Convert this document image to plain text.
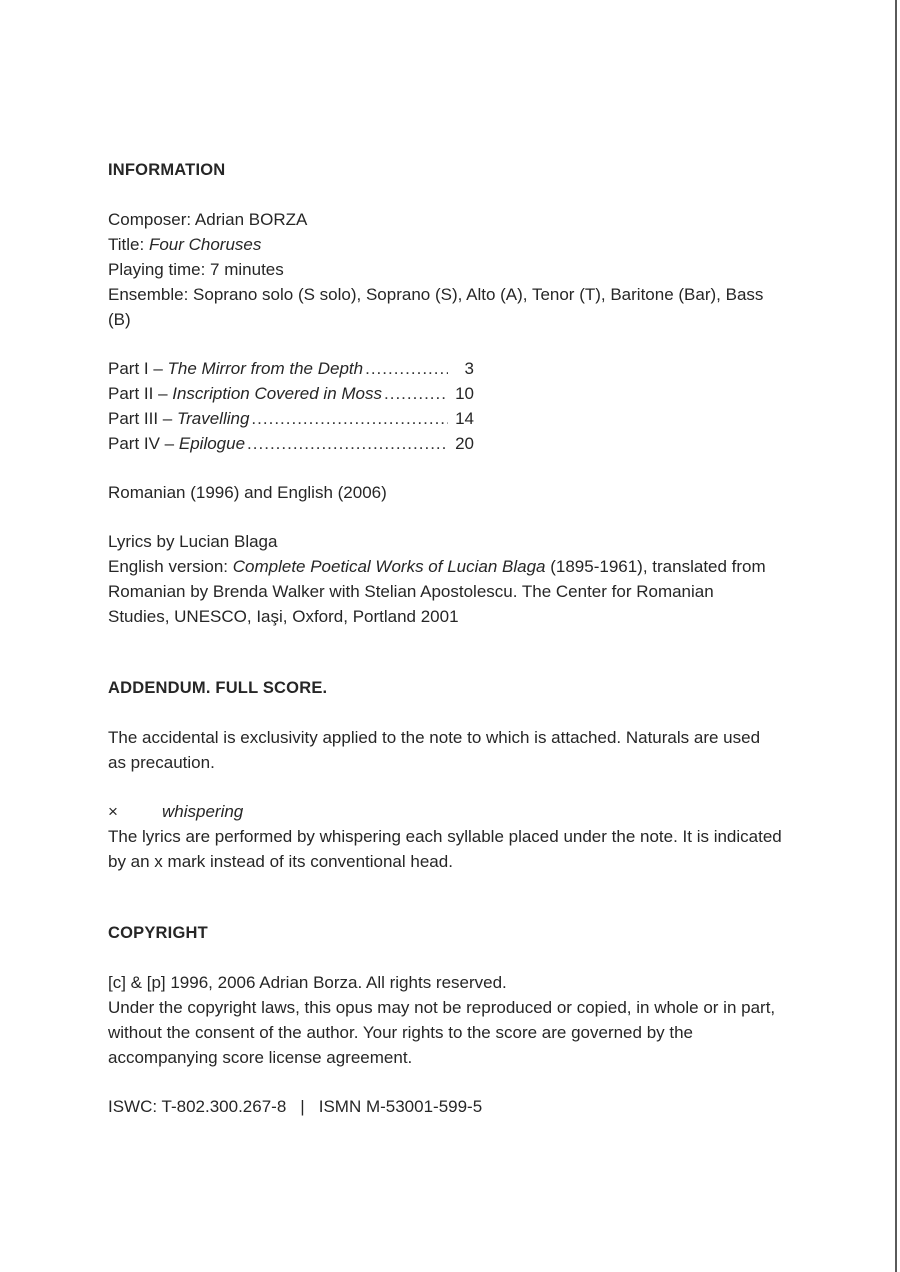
INFORMATION

Composer: Adrian BORZA

Title: Four Choruses

Playing time: 7 minutes

Ensemble: Soprano solo (S solo), Soprano (S), Alto (A), Tenor (T), Baritone (Bar), Bass (B)

Part I – The Mirror from the Depth .....	3
Part II – Inscription Covered in Moss .....	10
Part III – Travelling .....	14
Part IV – Epilogue .....	20

Romanian (1996) and English (2006)

Lyrics by Lucian Blaga

English version: Complete Poetical Works of Lucian Blaga (1895-1961), translated from Romanian by Brenda Walker with Stelian Apostolescu. The Center for Romanian Studies, UNESCO, Iaşi, Oxford, Portland 2001

ADDENDUM. FULL SCORE.

The accidental is exclusivity applied to the note to which is attached. Naturals are used as precaution.

×	whispering

The lyrics are performed by whispering each syllable placed under the note. It is indicated by an x mark instead of its conventional head.

COPYRIGHT

[c] & [p] 1996, 2006 Adrian Borza. All rights reserved.

Under the copyright laws, this opus may not be reproduced or copied, in whole or in part, without the consent of the author. Your rights to the score are governed by the accompanying score license agreement.

ISWC: T-802.300.267-8 | ISMN M-53001-599-5
